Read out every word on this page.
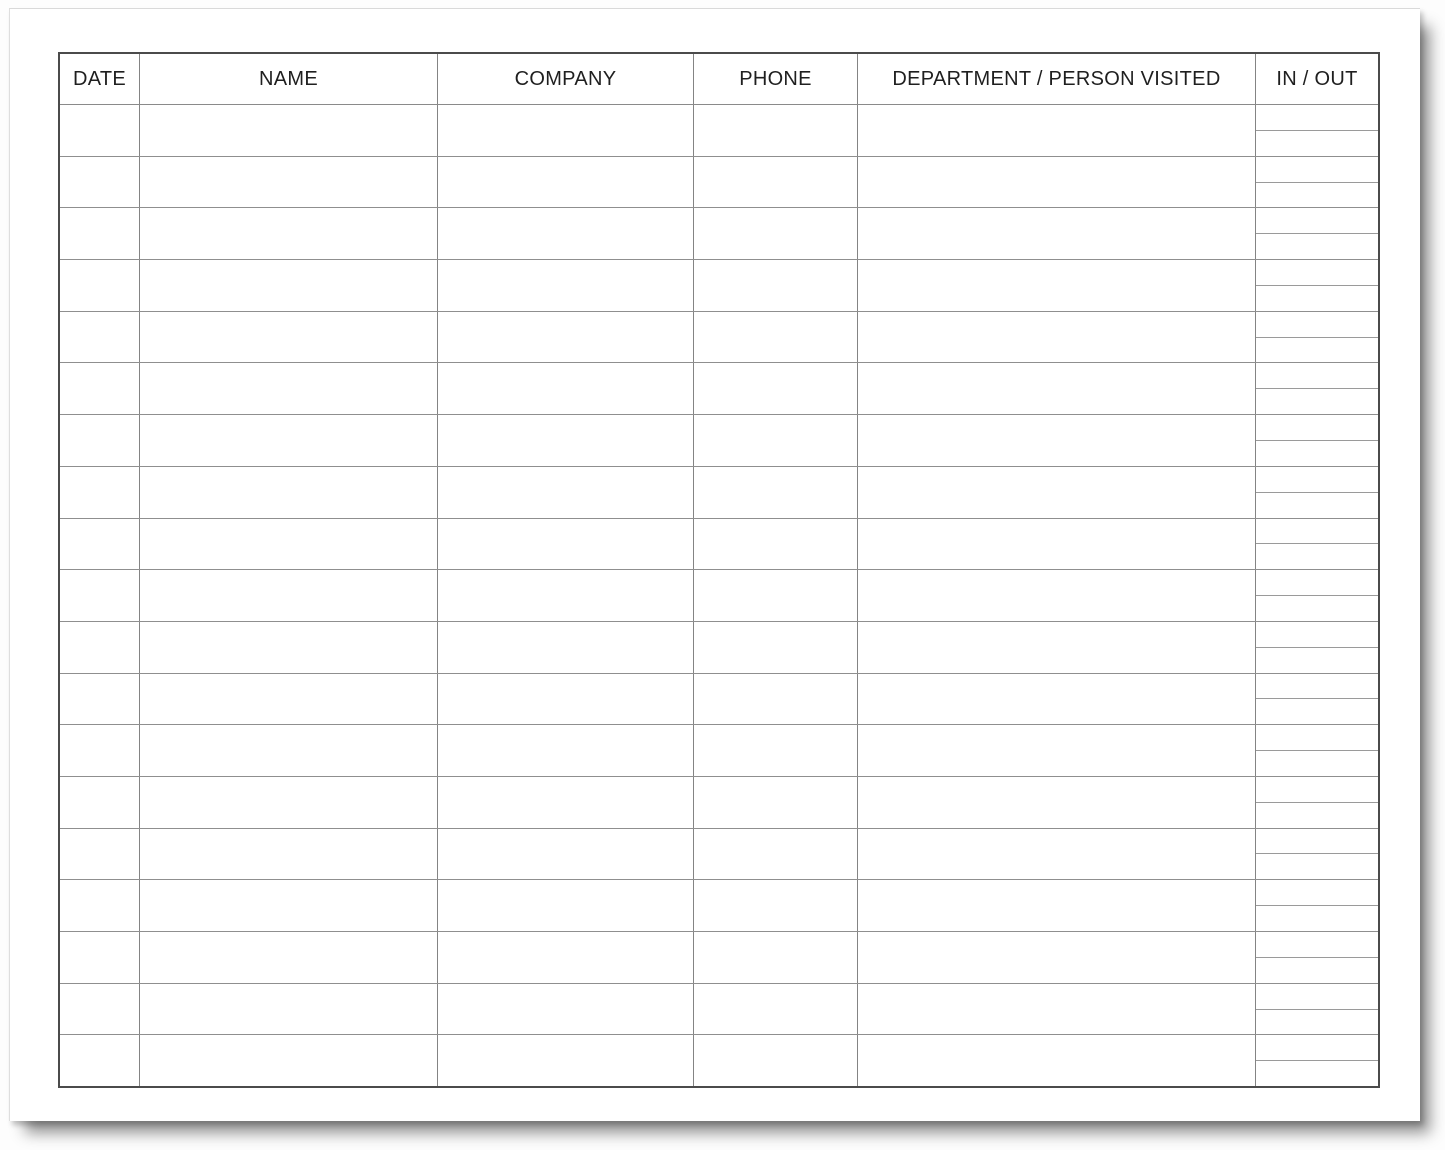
DATE	NAME	COMPANY	PHONE	DEPARTMENT / PERSON VISITED	IN / OUT
